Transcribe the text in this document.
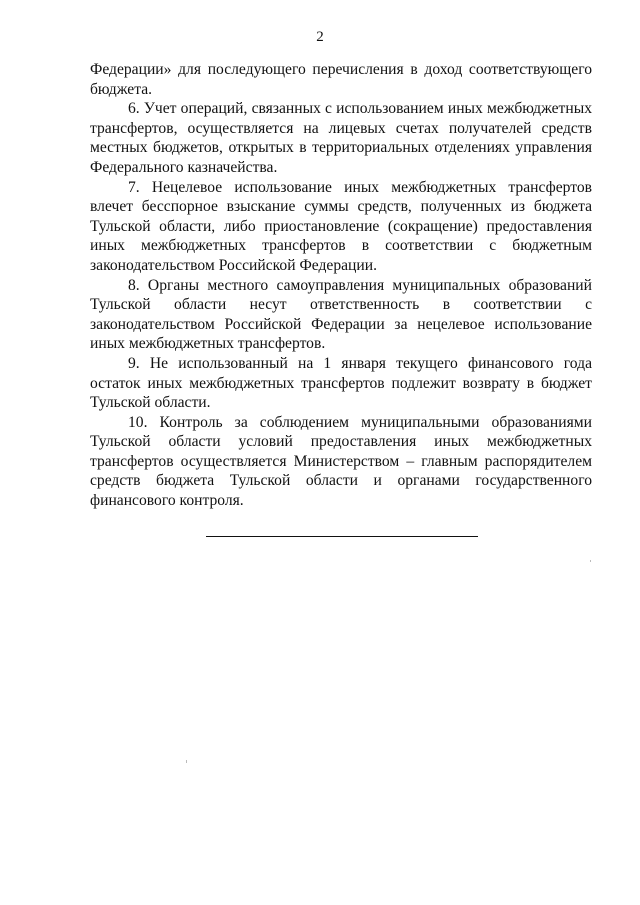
2

Федерации» для последующего перечисления в доход соответствующего бюджета.

6. Учет операций, связанных с использованием иных межбюджетных трансфертов, осуществляется на лицевых счетах получателей средств местных бюджетов, открытых в территориальных отделениях управления Федерального казначейства.

7. Нецелевое использование иных межбюджетных трансфертов влечет бесспорное взыскание суммы средств, полученных из бюджета Тульской области, либо приостановление (сокращение) предоставления иных межбюджетных трансфертов в соответствии с бюджетным законодательством Российской Федерации.

8. Органы местного самоуправления муниципальных образований Тульской области несут ответственность в соответствии с законодательством Российской Федерации за нецелевое использование иных межбюджетных трансфертов.

9. Не использованный на 1 января текущего финансового года остаток иных межбюджетных трансфертов подлежит возврату в бюджет Тульской области.

10. Контроль за соблюдением муниципальными образованиями Тульской области условий предоставления иных межбюджетных трансфертов осуществляется Министерством – главным распорядителем средств бюджета Тульской области и органами государственного финансового контроля.
